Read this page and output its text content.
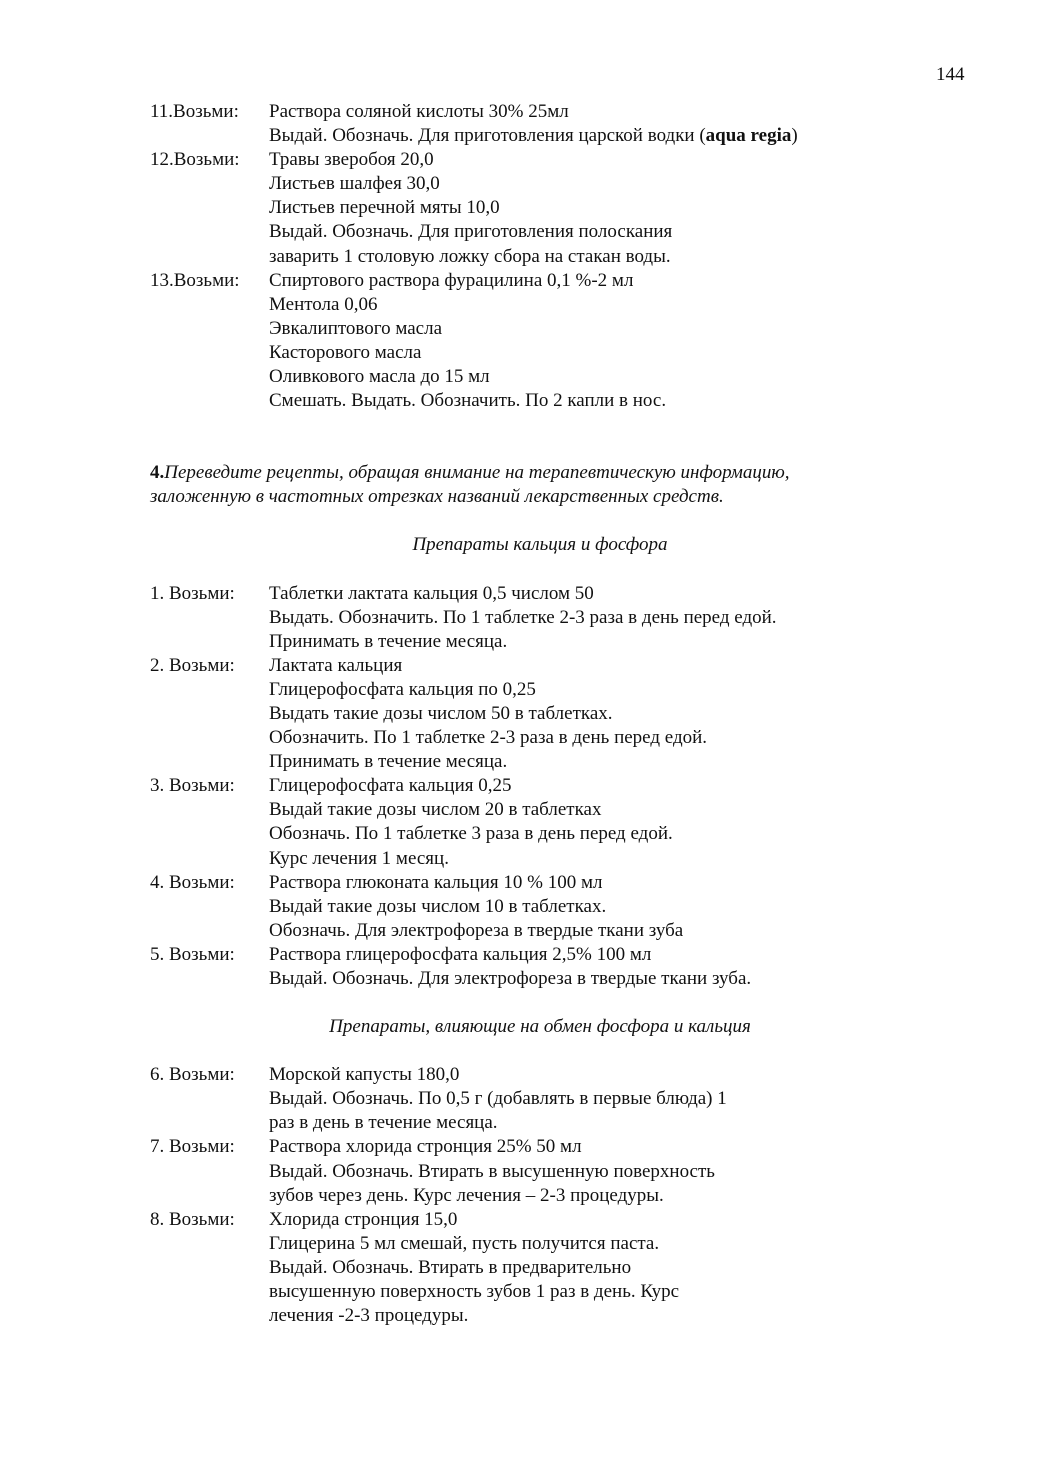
144
11.Возьми: Раствора соляной кислоты 30% 25мл
Выдай. Обозначь. Для приготовления царской водки (aqua regia)
12.Возьми: Травы зверобоя 20,0
Листьев шалфея 30,0
Листьев перечной мяты 10,0
Выдай. Обозначь. Для приготовления полоскания
заварить 1 столовую ложку сбора на стакан воды.
13.Возьми: Спиртового раствора фурацилина 0,1 %-2 мл
Ментола 0,06
Эвкалиптового масла
Касторового масла
Оливкового масла до 15 мл
Смешать. Выдать. Обозначить. По 2 капли в нос.
4.Переведите рецепты, обращая внимание на терапевтическую информацию,
заложенную в частотных отрезках названий лекарственных средств.
Препараты кальция и фосфора
1. Возьми: Таблетки лактата кальция 0,5 числом 50
Выдать. Обозначить. По 1 таблетке 2-3 раза в день перед едой.
Принимать в течение месяца.
2. Возьми: Лактата кальция
Глицерофосфата кальция по 0,25
Выдать такие дозы числом 50 в таблетках.
Обозначить. По 1 таблетке 2-3 раза в день перед едой.
Принимать в течение месяца.
3. Возьми: Глицерофосфата кальция 0,25
Выдай такие дозы числом 20 в таблетках
Обозначь. По 1 таблетке 3 раза в день перед едой.
Курс лечения 1 месяц.
4. Возьми: Раствора глюконата кальция 10 % 100 мл
Выдай такие дозы числом 10 в таблетках.
Обозначь. Для электрофореза в твердые ткани зуба
5. Возьми: Раствора глицерофосфата кальция 2,5% 100 мл
Выдай. Обозначь. Для электрофореза в твердые ткани зуба.
Препараты, влияющие на обмен фосфора и кальция
6. Возьми: Морской капусты 180,0
Выдай. Обозначь. По 0,5 г (добавлять в первые блюда) 1
раз в день в течение месяца.
7. Возьми: Раствора хлорида стронция 25% 50 мл
Выдай. Обозначь. Втирать в высушенную поверхность
зубов через день. Курс лечения – 2-3 процедуры.
8. Возьми: Хлорида стронция 15,0
Глицерина 5 мл смешай, пусть получится паста.
Выдай. Обозначь. Втирать в предварительно
высушенную поверхность зубов 1 раз в день. Курс
лечения -2-3 процедуры.
